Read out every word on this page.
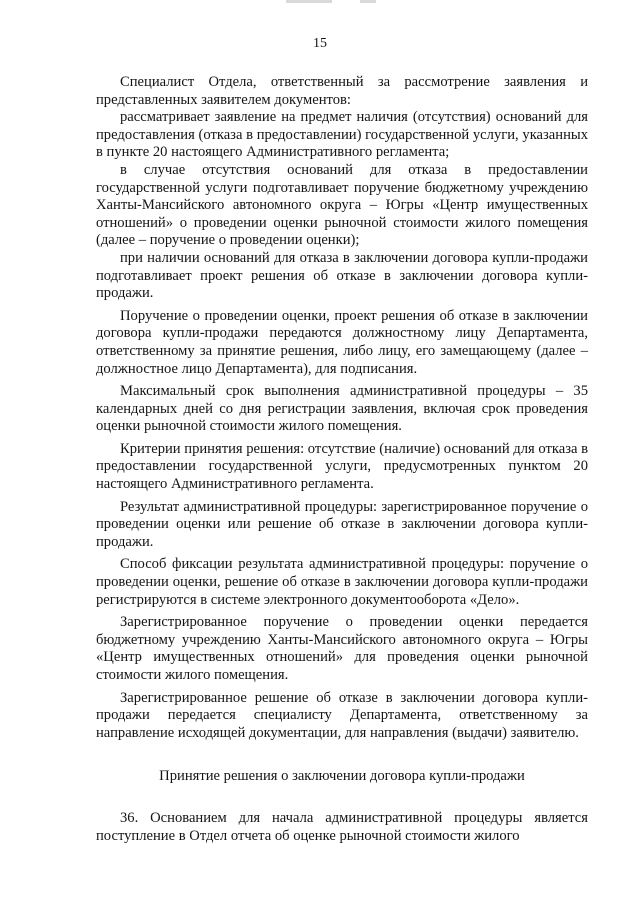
15

Специалист Отдела, ответственный за рассмотрение заявления и представленных заявителем документов:

рассматривает заявление на предмет наличия (отсутствия) оснований для предоставления (отказа в предоставлении) государственной услуги, указанных в пункте 20 настоящего Административного регламента;

в случае отсутствия оснований для отказа в предоставлении государственной услуги подготавливает поручение бюджетному учреждению Ханты-Мансийского автономного округа – Югры «Центр имущественных отношений» о проведении оценки рыночной стоимости жилого помещения (далее – поручение о проведении оценки);

при наличии оснований для отказа в заключении договора купли-продажи подготавливает проект решения об отказе в заключении договора купли-продажи.

Поручение о проведении оценки, проект решения об отказе в заключении договора купли-продажи передаются должностному лицу Департамента, ответственному за принятие решения, либо лицу, его замещающему (далее – должностное лицо Департамента), для подписания.

Максимальный срок выполнения административной процедуры – 35 календарных дней со дня регистрации заявления, включая срок проведения оценки рыночной стоимости жилого помещения.

Критерии принятия решения: отсутствие (наличие) оснований для отказа в предоставлении государственной услуги, предусмотренных пунктом 20 настоящего Административного регламента.

Результат административной процедуры: зарегистрированное поручение о проведении оценки или решение об отказе в заключении договора купли-продажи.

Способ фиксации результата административной процедуры: поручение о проведении оценки, решение об отказе в заключении договора купли-продажи регистрируются в системе электронного документооборота «Дело».

Зарегистрированное поручение о проведении оценки передается бюджетному учреждению Ханты-Мансийского автономного округа – Югры «Центр имущественных отношений» для проведения оценки рыночной стоимости жилого помещения.

Зарегистрированное решение об отказе в заключении договора купли-продажи передается специалисту Департамента, ответственному за направление исходящей документации, для направления (выдачи) заявителю.

Принятие решения о заключении договора купли-продажи

36. Основанием для начала административной процедуры является поступление в Отдел отчета об оценке рыночной стоимости жилого
